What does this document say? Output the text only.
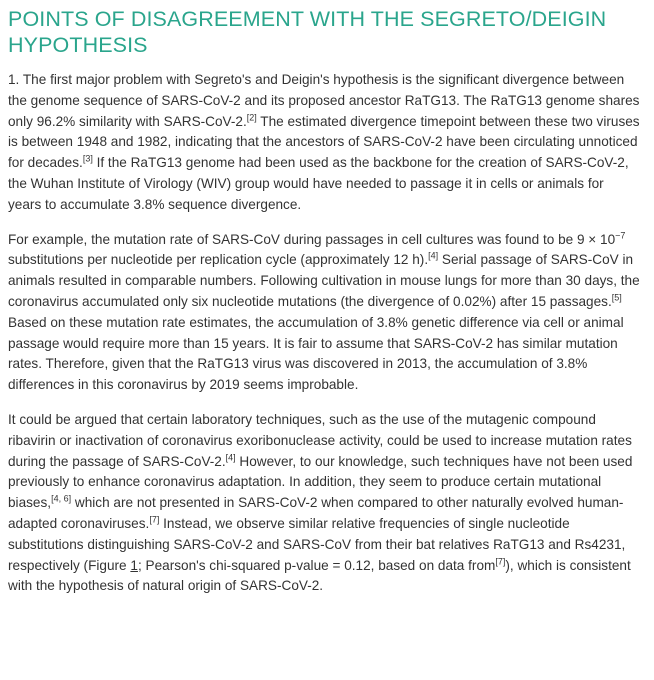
POINTS OF DISAGREEMENT WITH THE SEGRETO/DEIGIN HYPOTHESIS

1. The first major problem with Segreto's and Deigin's hypothesis is the significant divergence between the genome sequence of SARS-CoV-2 and its proposed ancestor RaTG13. The RaTG13 genome shares only 96.2% similarity with SARS-CoV-2.[2] The estimated divergence timepoint between these two viruses is between 1948 and 1982, indicating that the ancestors of SARS-CoV-2 have been circulating unnoticed for decades.[3] If the RaTG13 genome had been used as the backbone for the creation of SARS-CoV-2, the Wuhan Institute of Virology (WIV) group would have needed to passage it in cells or animals for years to accumulate 3.8% sequence divergence.

For example, the mutation rate of SARS-CoV during passages in cell cultures was found to be $9 \times 10^{-7}$ substitutions per nucleotide per replication cycle (approximately 12 h).[4] Serial passage of SARS-CoV in animals resulted in comparable numbers. Following cultivation in mouse lungs for more than 30 days, the coronavirus accumulated only six nucleotide mutations (the divergence of 0.02%) after 15 passages.[5] Based on these mutation rate estimates, the accumulation of 3.8% genetic difference via cell or animal passage would require more than 15 years. It is fair to assume that SARS-CoV-2 has similar mutation rates. Therefore, given that the RaTG13 virus was discovered in 2013, the accumulation of 3.8% differences in this coronavirus by 2019 seems improbable.

It could be argued that certain laboratory techniques, such as the use of the mutagenic compound ribavirin or inactivation of coronavirus exoribonuclease activity, could be used to increase mutation rates during the passage of SARS-CoV-2.[4] However, to our knowledge, such techniques have not been used previously to enhance coronavirus adaptation. In addition, they seem to produce certain mutational biases,[4, 6] which are not presented in SARS-CoV-2 when compared to other naturally evolved human-adapted coronaviruses.[7] Instead, we observe similar relative frequencies of single nucleotide substitutions distinguishing SARS-CoV-2 and SARS-CoV from their bat relatives RaTG13 and Rs4231, respectively (Figure 1; Pearson's chi-squared p-value = 0.12, based on data from[7]), which is consistent with the hypothesis of natural origin of SARS-CoV-2.
